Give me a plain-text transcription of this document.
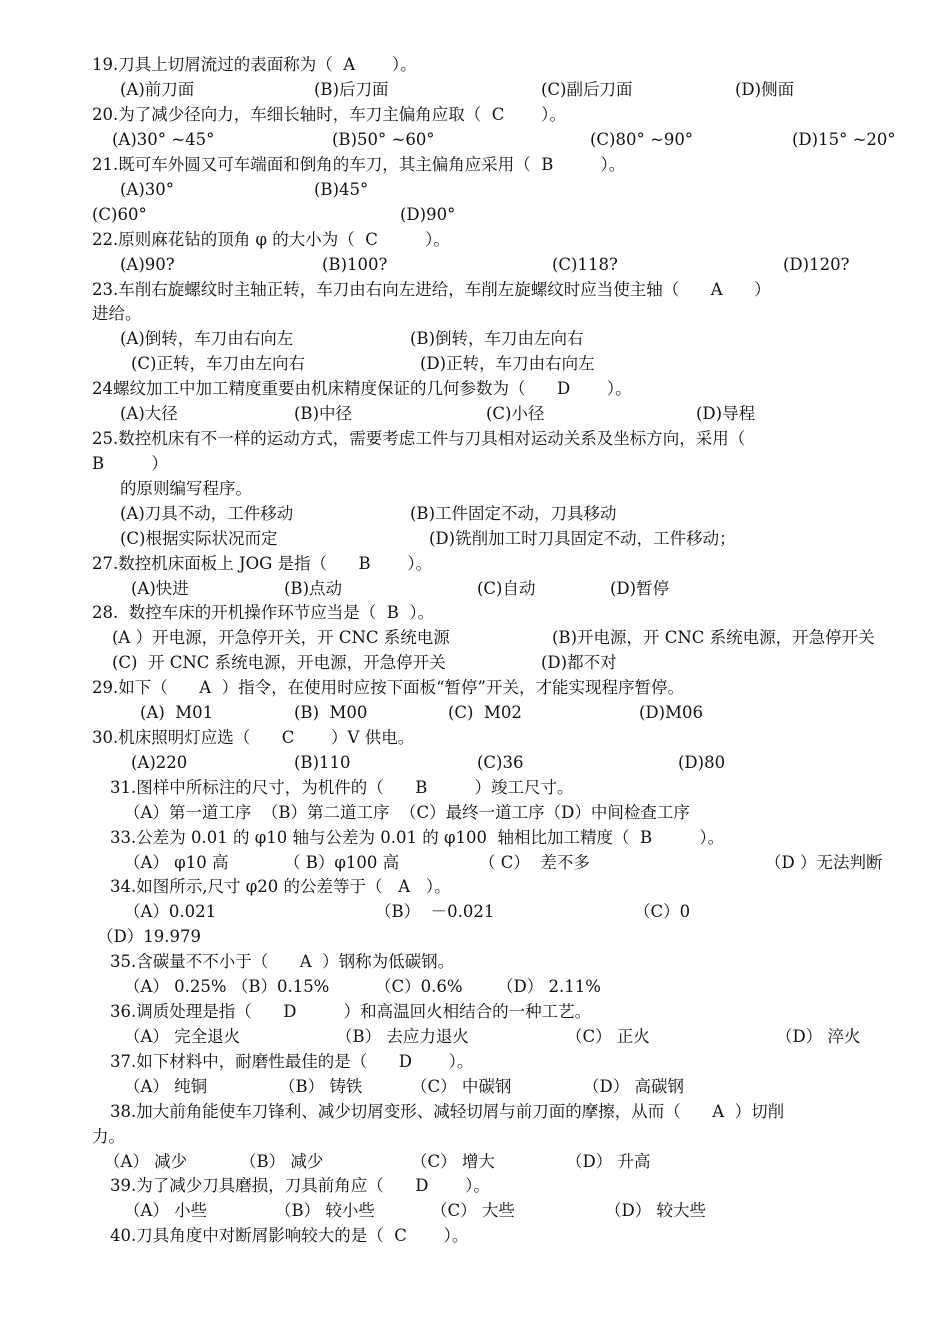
19.刀具上切屑流过的表面称为（  A       ）。
(A)前刀面	(B)后刀面	(C)副后刀面	(D)侧面
20.为了减少径向力，车细长轴时，车刀主偏角应取（  C       ）。
(A)30° ~45°	(B)50° ~60°	(C)80° ~90°	(D)15° ~20°
21.既可车外圆又可车端面和倒角的车刀，其主偏角应采用（  B         ）。
(A)30°	(B)45°
(C)60°	(D)90°
22.原则麻花钻的顶角 φ 的大小为（  C         ）。
(A)90?	(B)100?	(C)118?	(D)120?
23.车削右旋螺纹时主轴正转，车刀由右向左进给，车削左旋螺纹时应当使主轴（      A      ）
进给。
(A)倒转，车刀由右向左	(B)倒转，车刀由左向右
(C)正转，车刀由左向右	(D)正转，车刀由右向左
24螺纹加工中加工精度重要由机床精度保证的几何参数为（      D       ）。
(A)大径	(B)中径	(C)小径	(D)导程
25.数控机床有不一样的运动方式，需要考虑工件与刀具相对运动关系及坐标方向，采用（
B         ）
的原则编写程序。
(A)刀具不动，工件移动	(B)工件固定不动，刀具移动
(C)根据实际状况而定	(D)铣削加工时刀具固定不动，工件移动；
27.数控机床面板上 JOG 是指（      B       ）。
(A)快进	(B)点动	(C)自动	(D)暂停
28.  数控车床的开机操作环节应当是（  B  ）。
(A ）开电源，开急停开关，开 CNC 系统电源	(B)开电源，开 CNC 系统电源，开急停开关
(C)  开 CNC 系统电源，开电源，开急停开关	(D)都不对
29.如下（      A  ）指令，在使用时应按下面板“暂停”开关，才能实现程序暂停。
(A)  M01	(B)  M00	(C)  M02	(D)M06
30.机床照明灯应选（      C       ）V 供电。
(A)220	(B)110	(C)36	(D)80
31.图样中所标注的尺寸，为机件的（      B         ）竣工尺寸。
（A）第一道工序  （B）第二道工序  （C）最终一道工序（D）中间检查工序
33.公差为 0.01 的 φ10 轴与公差为 0.01 的 φ100  轴相比加工精度（  B         ）。
（A） φ10 高	（ B）φ100 高	（ C）  差不多	（D ）无法判断
34.如图所示,尺寸 φ20 的公差等于（   A   ）。
（A）0.021	（B）  －0.021	（C）0
（D）19.979
35.含碳量不不小于（      A  ）钢称为低碳钢。
（A） 0.25% （B）0.15%	（C）0.6% （D） 2.11%
36.调质处理是指（      D         ）和高温回火相结合的一种工艺。
（A） 完全退火	（B） 去应力退火	（C） 正火	（D） 淬火
37.如下材料中，耐磨性最佳的是（      D       ）。
（A） 纯铜	（B） 铸铁	（C） 中碳钢	（D） 高碳钢
38.加大前角能使车刀锋利、减少切屑变形、减轻切屑与前刀面的摩擦，从而（      A  ）切削
力。
（A） 减少	（B） 减少	（C） 增大	（D） 升高
39.为了减少刀具磨损，刀具前角应（      D       ）。
（A） 小些	（B） 较小些	（C） 大些	（D） 较大些
40.刀具角度中对断屑影响较大的是（  C       ）。
